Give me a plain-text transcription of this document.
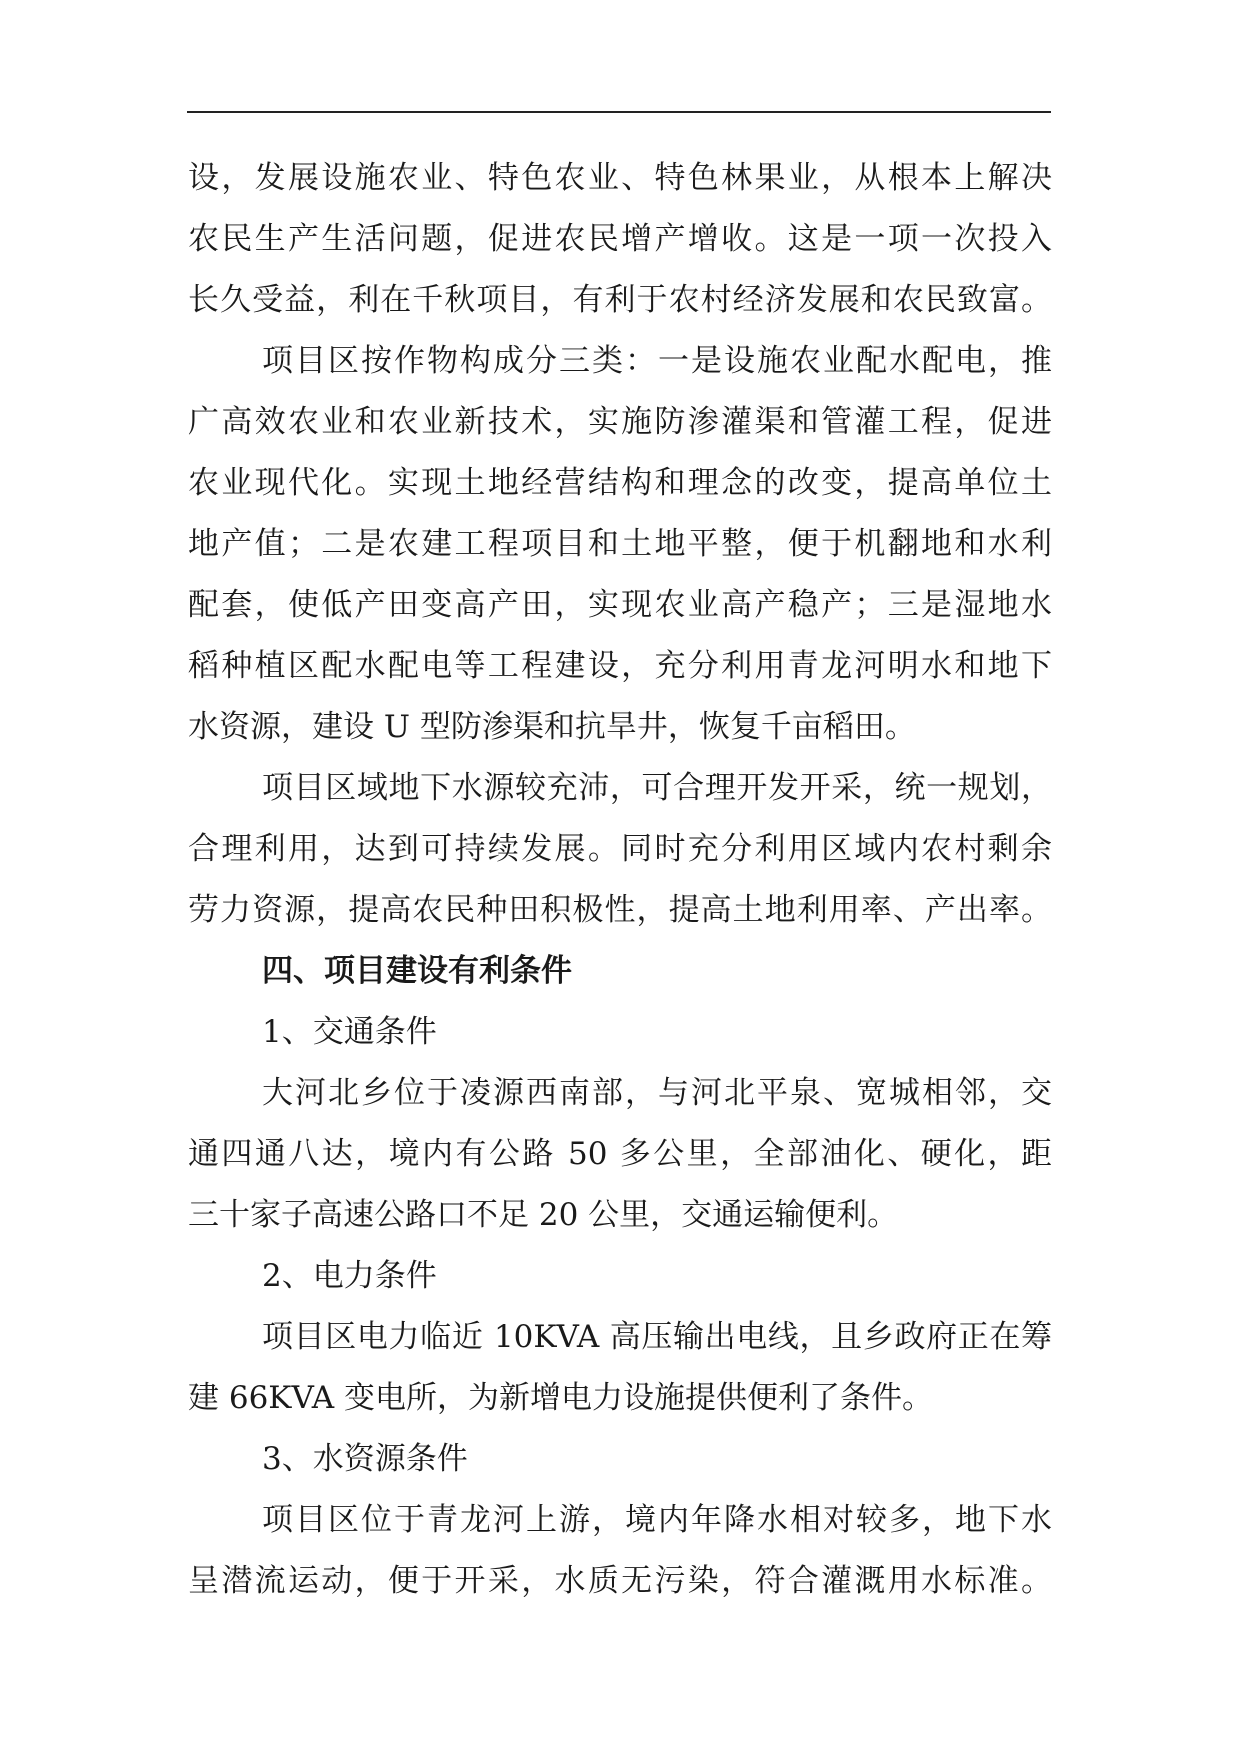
设，发展设施农业、特色农业、特色林果业，从根本上解决
农民生产生活问题，促进农民增产增收。这是一项一次投入
长久受益，利在千秋项目，有利于农村经济发展和农民致富。
项目区按作物构成分三类：一是设施农业配水配电，推
广高效农业和农业新技术，实施防渗灌渠和管灌工程，促进
农业现代化。实现土地经营结构和理念的改变，提高单位土
地产值；二是农建工程项目和土地平整，便于机翻地和水利
配套，使低产田变高产田，实现农业高产稳产；三是湿地水
稻种植区配水配电等工程建设，充分利用青龙河明水和地下
水资源，建设 U 型防渗渠和抗旱井，恢复千亩稻田。
项目区域地下水源较充沛，可合理开发开采，统一规划，
合理利用，达到可持续发展。同时充分利用区域内农村剩余
劳力资源，提高农民种田积极性，提高土地利用率、产出率。
四、项目建设有利条件
1、交通条件
大河北乡位于凌源西南部，与河北平泉、宽城相邻，交
通四通八达，境内有公路 50 多公里，全部油化、硬化，距
三十家子高速公路口不足 20 公里，交通运输便利。
2、电力条件
项目区电力临近 10KVA 高压输出电线，且乡政府正在筹
建 66KVA 变电所，为新增电力设施提供便利了条件。
3、水资源条件
项目区位于青龙河上游，境内年降水相对较多，地下水
呈潜流运动，便于开采，水质无污染，符合灌溉用水标准。
